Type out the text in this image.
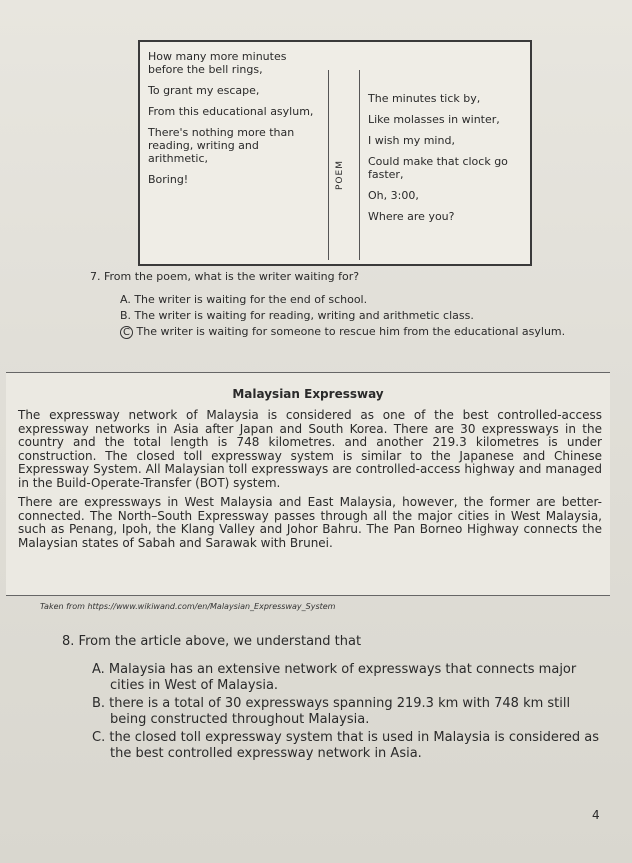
How many more minutes before the bell rings,

To grant my escape,

From this educational asylum,

There's nothing more than reading, writing and arithmetic,

Boring!	POEM

The minutes tick by,

Like molasses in winter,

I wish my mind,

Could make that clock go faster,

Oh, 3:00,

Where are you?

7. From the poem, what is the writer waiting for?

A. The writer is waiting for the end of school.

B. The writer is waiting for reading, writing and arithmetic class.

C The writer is waiting for someone to rescue him from the educational asylum.

Malaysian Expressway

The expressway network of Malaysia is considered as one of the best controlled-access expressway networks in Asia after Japan and South Korea. There are 30 expressways in the country and the total length is 748 kilometres. and another 219.3 kilometres is under construction. The closed toll expressway system is similar to the Japanese and Chinese Expressway System. All Malaysian toll expressways are controlled-access highway and managed in the Build-Operate-Transfer (BOT) system.

There are expressways in West Malaysia and East Malaysia, however, the former are better-connected. The North–South Expressway passes through all the major cities in West Malaysia, such as Penang, Ipoh, the Klang Valley and Johor Bahru. The Pan Borneo Highway connects the Malaysian states of Sabah and Sarawak with Brunei.

Taken from https://www.wikiwand.com/en/Malaysian_Expressway_System

8. From the article above, we understand that

A. Malaysia has an extensive network of expressways that connects major cities in West of Malaysia.

B. there is a total of 30 expressways spanning 219.3 km with 748 km still being constructed throughout Malaysia.

C. the closed toll expressway system that is used in Malaysia is considered as the best controlled expressway network in Asia.

4
